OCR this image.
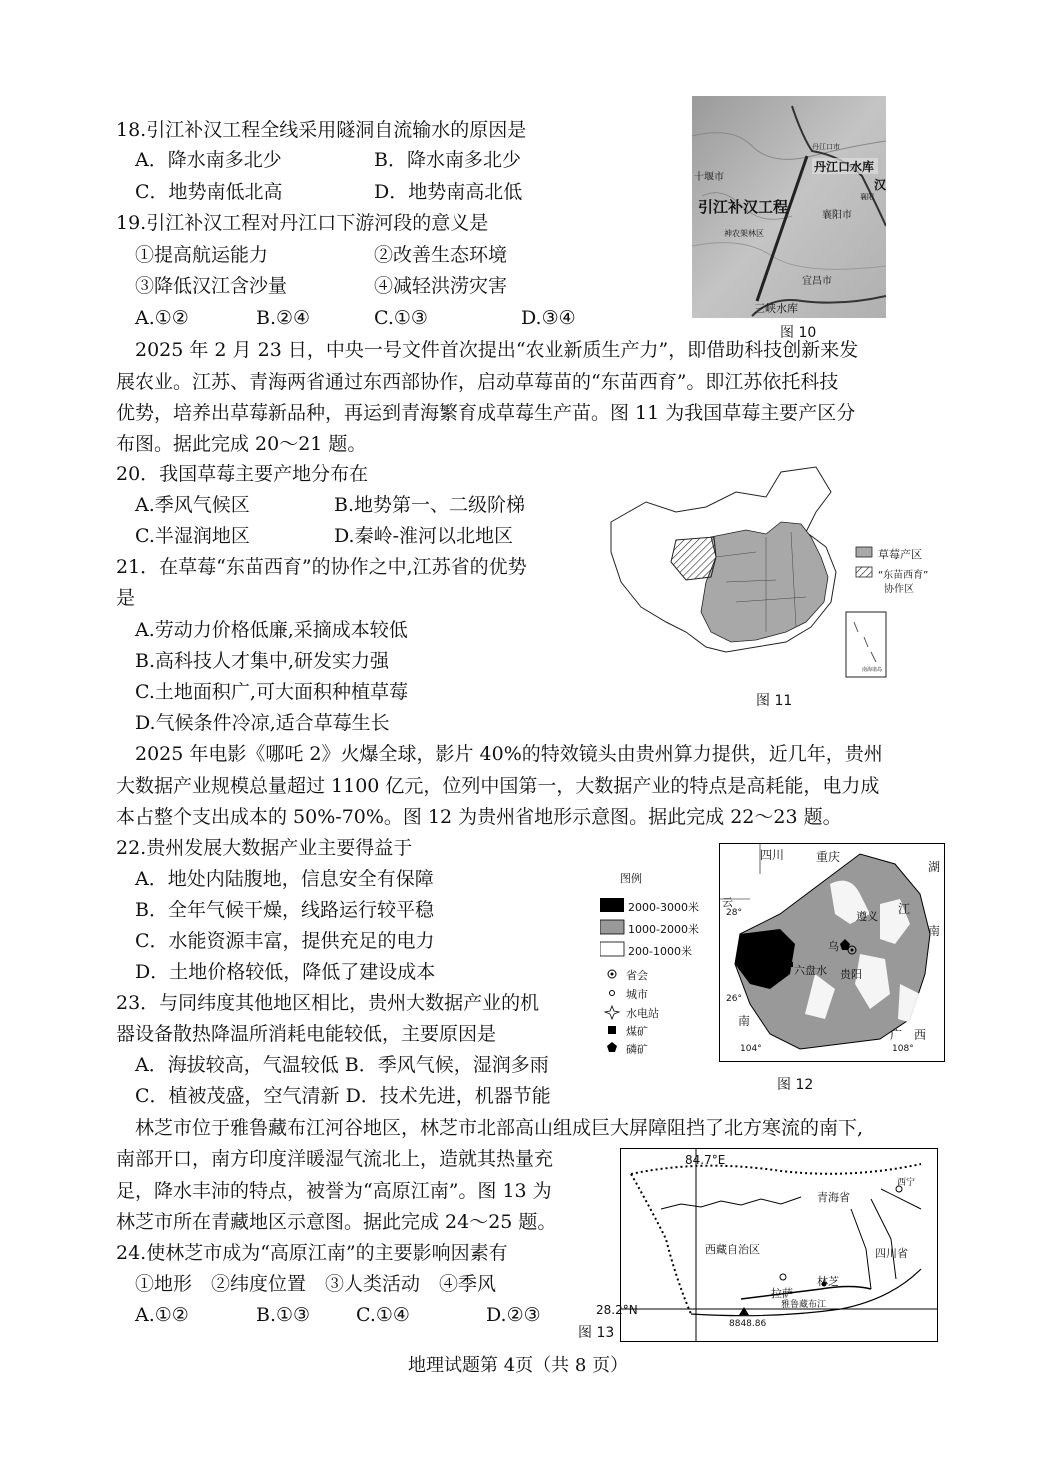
18.引江补汉工程全线采用隧洞自流输水的原因是
A．降水南多北少	B．降水南多北少
C．地势南低北高	D．地势南高北低
19.引江补汉工程对丹江口下游河段的意义是
①提高航运能力	②改善生态环境
③降低汉江含沙量	④减轻洪涝灾害
A.①②	B.②④	C.①③	D.③④
十堰市
丹江口水库
丹江口市
汉
引江补汉工程	襄阳市
襄阳
神农架林区
宜昌市
三峡水库
图 10
2025 年 2 月 23 日，中央一号文件首次提出“农业新质生产力”，即借助科技创新来发
展农业。江苏、青海两省通过东西部协作，启动草莓苗的“东苗西育”。即江苏依托科技
优势，培养出草莓新品种，再运到青海繁育成草莓生产苗。图 11 为我国草莓主要产区分
布图。据此完成 20～21 题。
20．我国草莓主要产地分布在
A.季风气候区	B.地势第一、二级阶梯
C.半湿润地区	D.秦岭-淮河以北地区
21．在草莓“东苗西育”的协作之中,江苏省的优势
是
A.劳动力价格低廉,采摘成本较低
B.高科技人才集中,研发实力强
C.土地面积广,可大面积种植草莓
D.气候条件冷凉,适合草莓生长
草莓产区
“东苗西育”
协作区
南海诸岛
图 11
2025 年电影《哪吒 2》火爆全球，影片 40%的特效镜头由贵州算力提供，近几年，贵州
大数据产业规模总量超过 1100 亿元，位列中国第一，大数据产业的特点是高耗能，电力成
本占整个支出成本的 50%-70%。图 12 为贵州省地形示意图。据此完成 22～23 题。
22.贵州发展大数据产业主要得益于
A．地处内陆腹地，信息安全有保障
B．全年气候干燥，线路运行较平稳
C．水能资源丰富，提供充足的电力
D．土地价格较低，降低了建设成本
23．与同纬度其他地区相比，贵州大数据产业的机
器设备散热降温所消耗电能较低，主要原因是
A．海拔较高，气温较低 B．季风气候，湿润多雨
C．植被茂盛，空气清新 D．技术先进，机器节能
图例
2000-3000米
1000-2000米
200-1000米
省会
城市
水电站
煤矿
磷矿
四川	重庆
湖
云
28°	江
南
遵义
乌
六盘水 贵阳
26°
南
广　西
104°	108°
图 12
林芝市位于雅鲁藏布江河谷地区，林芝市北部高山组成巨大屏障阻挡了北方寒流的南下,
南部开口，南方印度洋暖湿气流北上，造就其热量充
足，降水丰沛的特点，被誉为“高原江南”。图 13 为
林芝市所在青藏地区示意图。据此完成 24～25 题。
24.使林芝市成为“高原江南”的主要影响因素有
①地形　②纬度位置　③人类活动　④季风
A.①②	B.①③ C.①④	D.②③
84.7°E
青海省
西宁
西藏自治区	四川省
拉萨
林芝
雅鲁藏布江
8848.86
28.2°N
图 13
地理试题第 4页（共 8 页）
